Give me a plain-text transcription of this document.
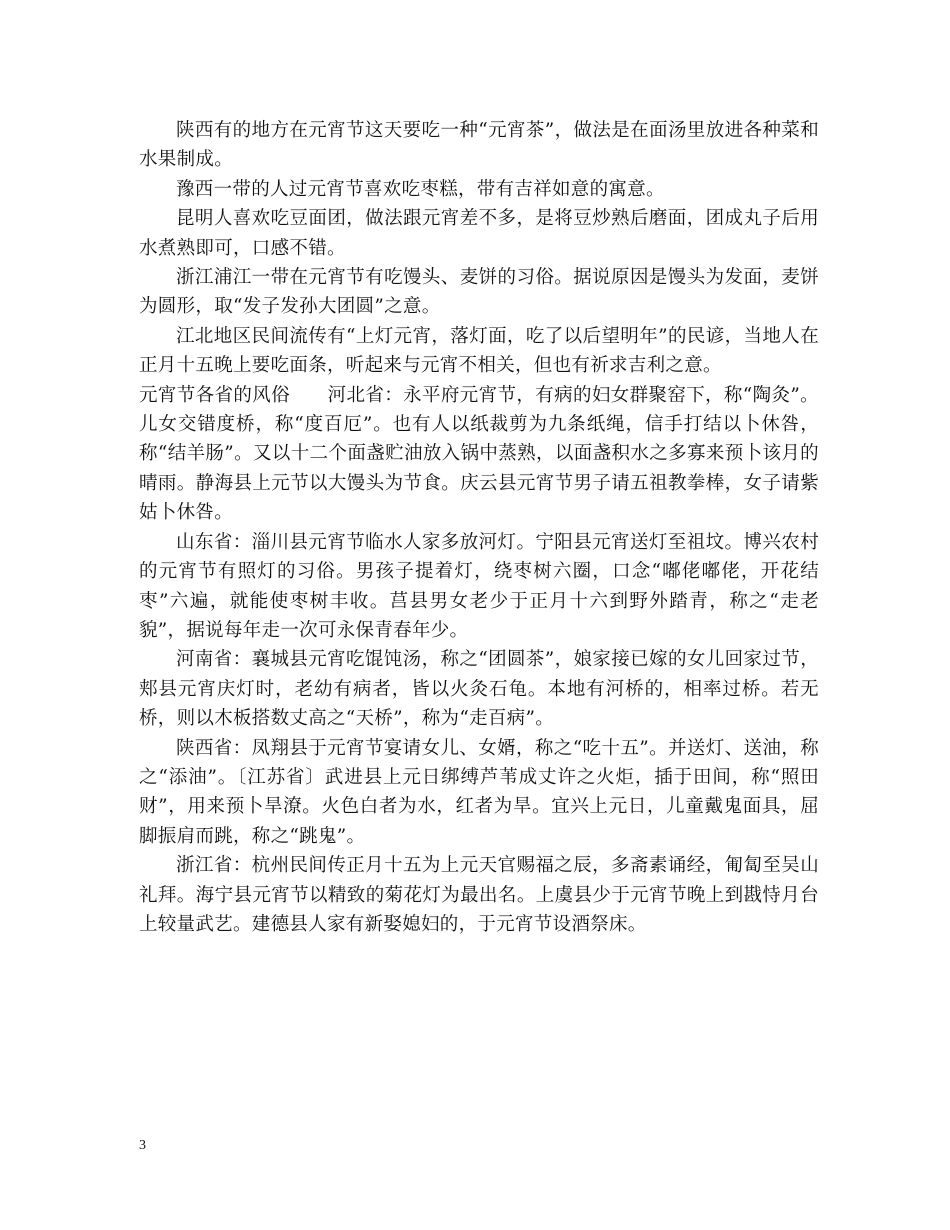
陕西有的地方在元宵节这天要吃一种“元宵茶”，做法是在面汤里放进各种菜和水果制成。

豫西一带的人过元宵节喜欢吃枣糕，带有吉祥如意的寓意。

昆明人喜欢吃豆面团，做法跟元宵差不多，是将豆炒熟后磨面，团成丸子后用水煮熟即可，口感不错。

浙江浦江一带在元宵节有吃馒头、麦饼的习俗。据说原因是馒头为发面，麦饼为圆形，取“发子发孙大团圆”之意。

江北地区民间流传有“上灯元宵，落灯面，吃了以后望明年”的民谚，当地人在正月十五晚上要吃面条，听起来与元宵不相关，但也有祈求吉利之意。

元宵节各省的风俗　　河北省：永平府元宵节，有病的妇女群聚窑下，称“陶灸”。儿女交错度桥，称“度百厄”。也有人以纸裁剪为九条纸绳，信手打结以卜休咎，称“结羊肠”。又以十二个面盏贮油放入锅中蒸熟，以面盏积水之多寡来预卜该月的晴雨。静海县上元节以大馒头为节食。庆云县元宵节男子请五祖教拳棒，女子请紫姑卜休咎。

山东省：淄川县元宵节临水人家多放河灯。宁阳县元宵送灯至祖坟。博兴农村的元宵节有照灯的习俗。男孩子提着灯，绕枣树六圈，口念“嘟佬嘟佬，开花结枣”六遍，就能使枣树丰收。莒县男女老少于正月十六到野外踏青，称之“走老貌”，据说每年走一次可永保青春年少。

河南省：襄城县元宵吃馄饨汤，称之“团圆茶”，娘家接已嫁的女儿回家过节，郏县元宵庆灯时，老幼有病者，皆以火灸石龟。本地有河桥的，相率过桥。若无桥，则以木板搭数丈高之“天桥”，称为“走百病”。

陕西省：凤翔县于元宵节宴请女儿、女婿，称之“吃十五”。并送灯、送油，称之“添油”。〔江苏省〕武进县上元日绑缚芦苇成丈许之火炬，插于田间，称“照田财”，用来预卜旱潦。火色白者为水，红者为旱。宜兴上元日，儿童戴鬼面具，屈脚振肩而跳，称之“跳鬼”。

浙江省：杭州民间传正月十五为上元天官赐福之辰，多斋素诵经，匍匐至吴山礼拜。海宁县元宵节以精致的菊花灯为最出名。上虞县少于元宵节晚上到戡恃月台上较量武艺。建德县人家有新娶媳妇的，于元宵节设酒祭床。

3
